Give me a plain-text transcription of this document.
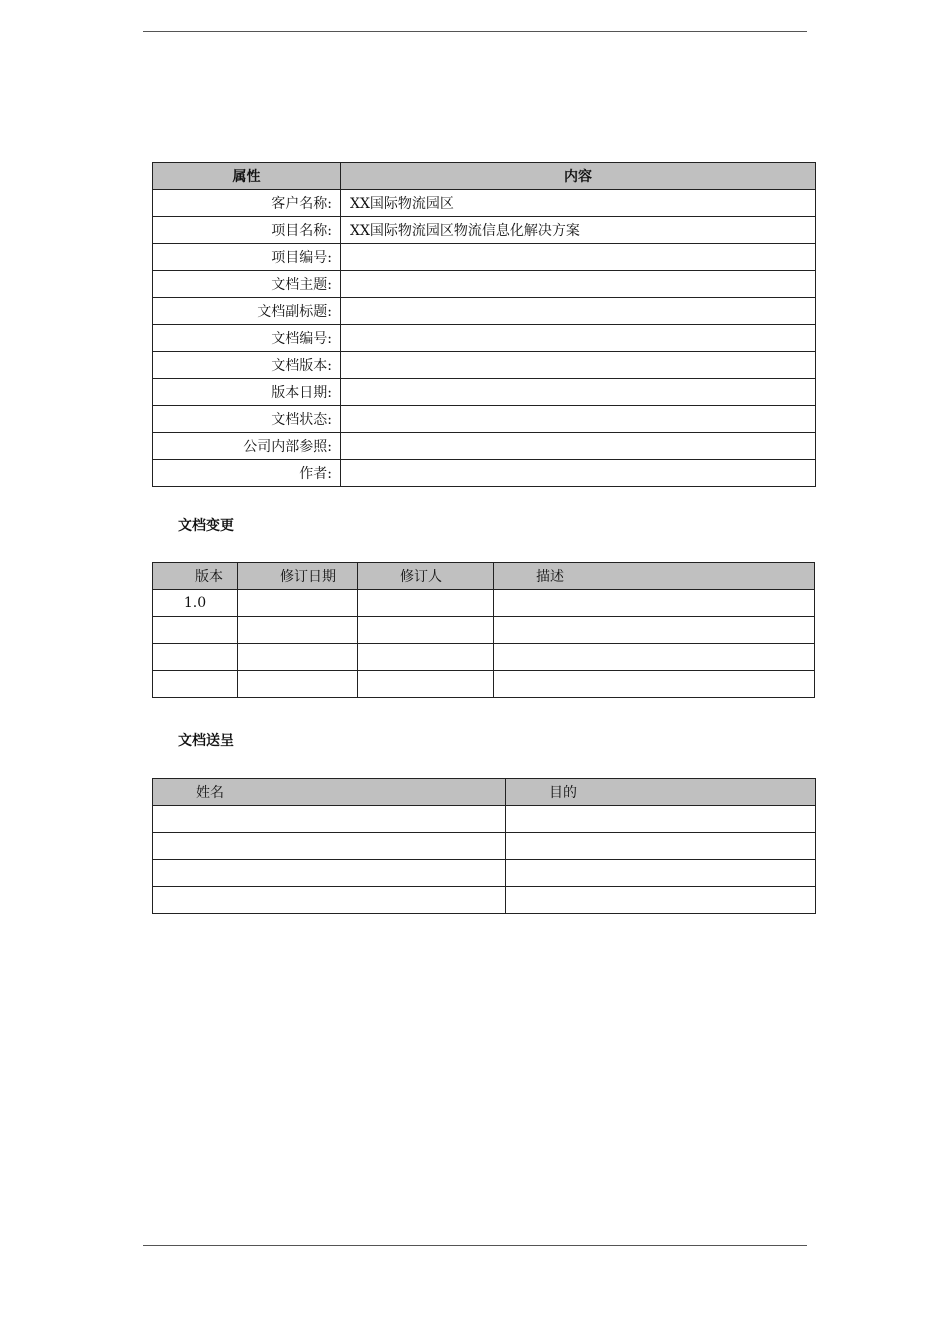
属性	内容
客户名称:	XX国际物流园区
项目名称:	XX国际物流园区物流信息化解决方案
项目编号:	
文档主题:	
文档副标题:	
文档编号:	
文档版本:	
版本日期:	
文档状态:	
公司内部参照:	
作者:	
文档变更
版本	修订日期	修订人	描述
1.0			

文档送呈
姓名	目的
